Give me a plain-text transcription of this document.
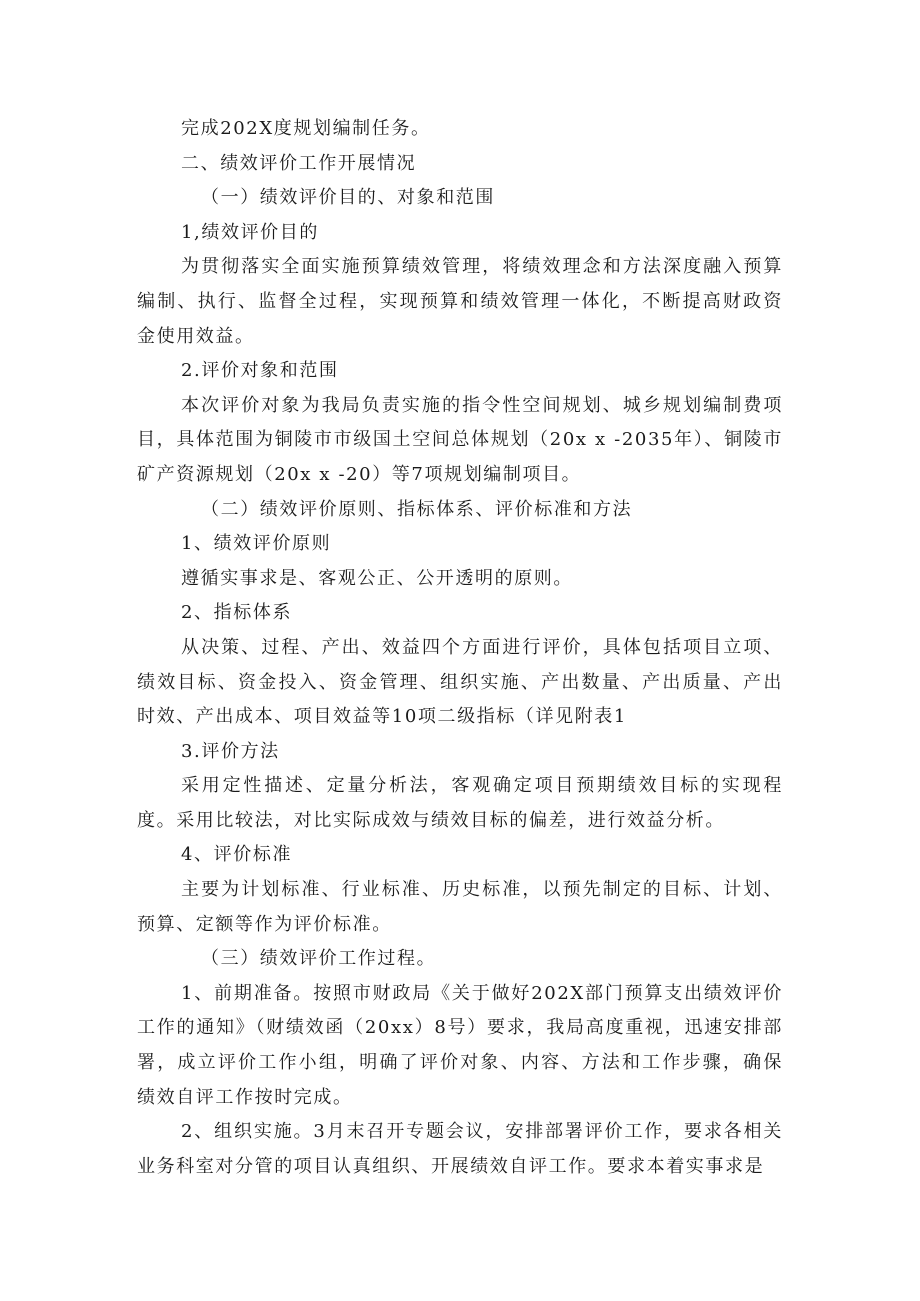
完成202X度规划编制任务。
二、绩效评价工作开展情况
（一）绩效评价目的、对象和范围
1,绩效评价目的
为贯彻落实全面实施预算绩效管理，将绩效理念和方法深度融入预算编制、执行、监督全过程，实现预算和绩效管理一体化，不断提高财政资金使用效益。
2.评价对象和范围
本次评价对象为我局负责实施的指令性空间规划、城乡规划编制费项目，具体范围为铜陵市市级国土空间总体规划（20x x -2035年）、铜陵市矿产资源规划（20x x -20）等7项规划编制项目。
（二）绩效评价原则、指标体系、评价标准和方法
1、绩效评价原则
遵循实事求是、客观公正、公开透明的原则。
2、指标体系
从决策、过程、产出、效益四个方面进行评价，具体包括项目立项、绩效目标、资金投入、资金管理、组织实施、产出数量、产出质量、产出时效、产出成本、项目效益等10项二级指标（详见附表1
3.评价方法
采用定性描述、定量分析法，客观确定项目预期绩效目标的实现程度。采用比较法，对比实际成效与绩效目标的偏差，进行效益分析。
4、评价标准
主要为计划标准、行业标准、历史标准，以预先制定的目标、计划、预算、定额等作为评价标准。
（三）绩效评价工作过程。
1、前期准备。按照市财政局《关于做好202X部门预算支出绩效评价工作的通知》（财绩效函（20xx）8号）要求，我局高度重视，迅速安排部署，成立评价工作小组，明确了评价对象、内容、方法和工作步骤，确保绩效自评工作按时完成。
2、组织实施。3月末召开专题会议，安排部署评价工作，要求各相关业务科室对分管的项目认真组织、开展绩效自评工作。要求本着实事求是
